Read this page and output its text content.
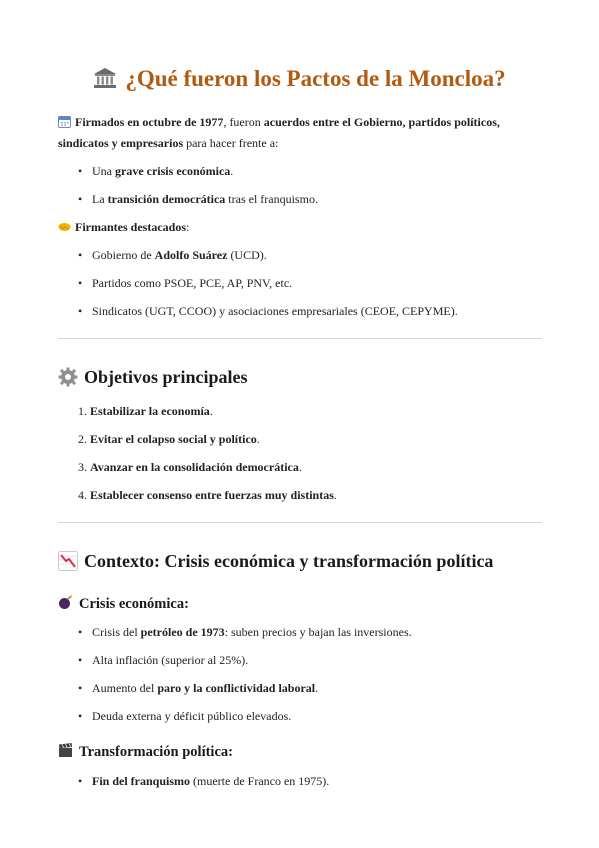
¿Qué fueron los Pactos de la Moncloa?
Firmados en octubre de 1977, fueron acuerdos entre el Gobierno, partidos políticos,
sindicatos y empresarios para hacer frente a:
• Una grave crisis económica.
• La transición democrática tras el franquismo.
Firmantes destacados:
• Gobierno de Adolfo Suárez (UCD).
• Partidos como PSOE, PCE, AP, PNV, etc.
• Sindicatos (UGT, CCOO) y asociaciones empresariales (CEOE, CEPYME).
Objetivos principales
1. Estabilizar la economía.
2. Evitar el colapso social y político.
3. Avanzar en la consolidación democrática.
4. Establecer consenso entre fuerzas muy distintas.
Contexto: Crisis económica y transformación política
Crisis económica:
• Crisis del petróleo de 1973: suben precios y bajan las inversiones.
• Alta inflación (superior al 25%).
• Aumento del paro y la conflictividad laboral.
• Deuda externa y déficit público elevados.
Transformación política:
• Fin del franquismo (muerte de Franco en 1975).
